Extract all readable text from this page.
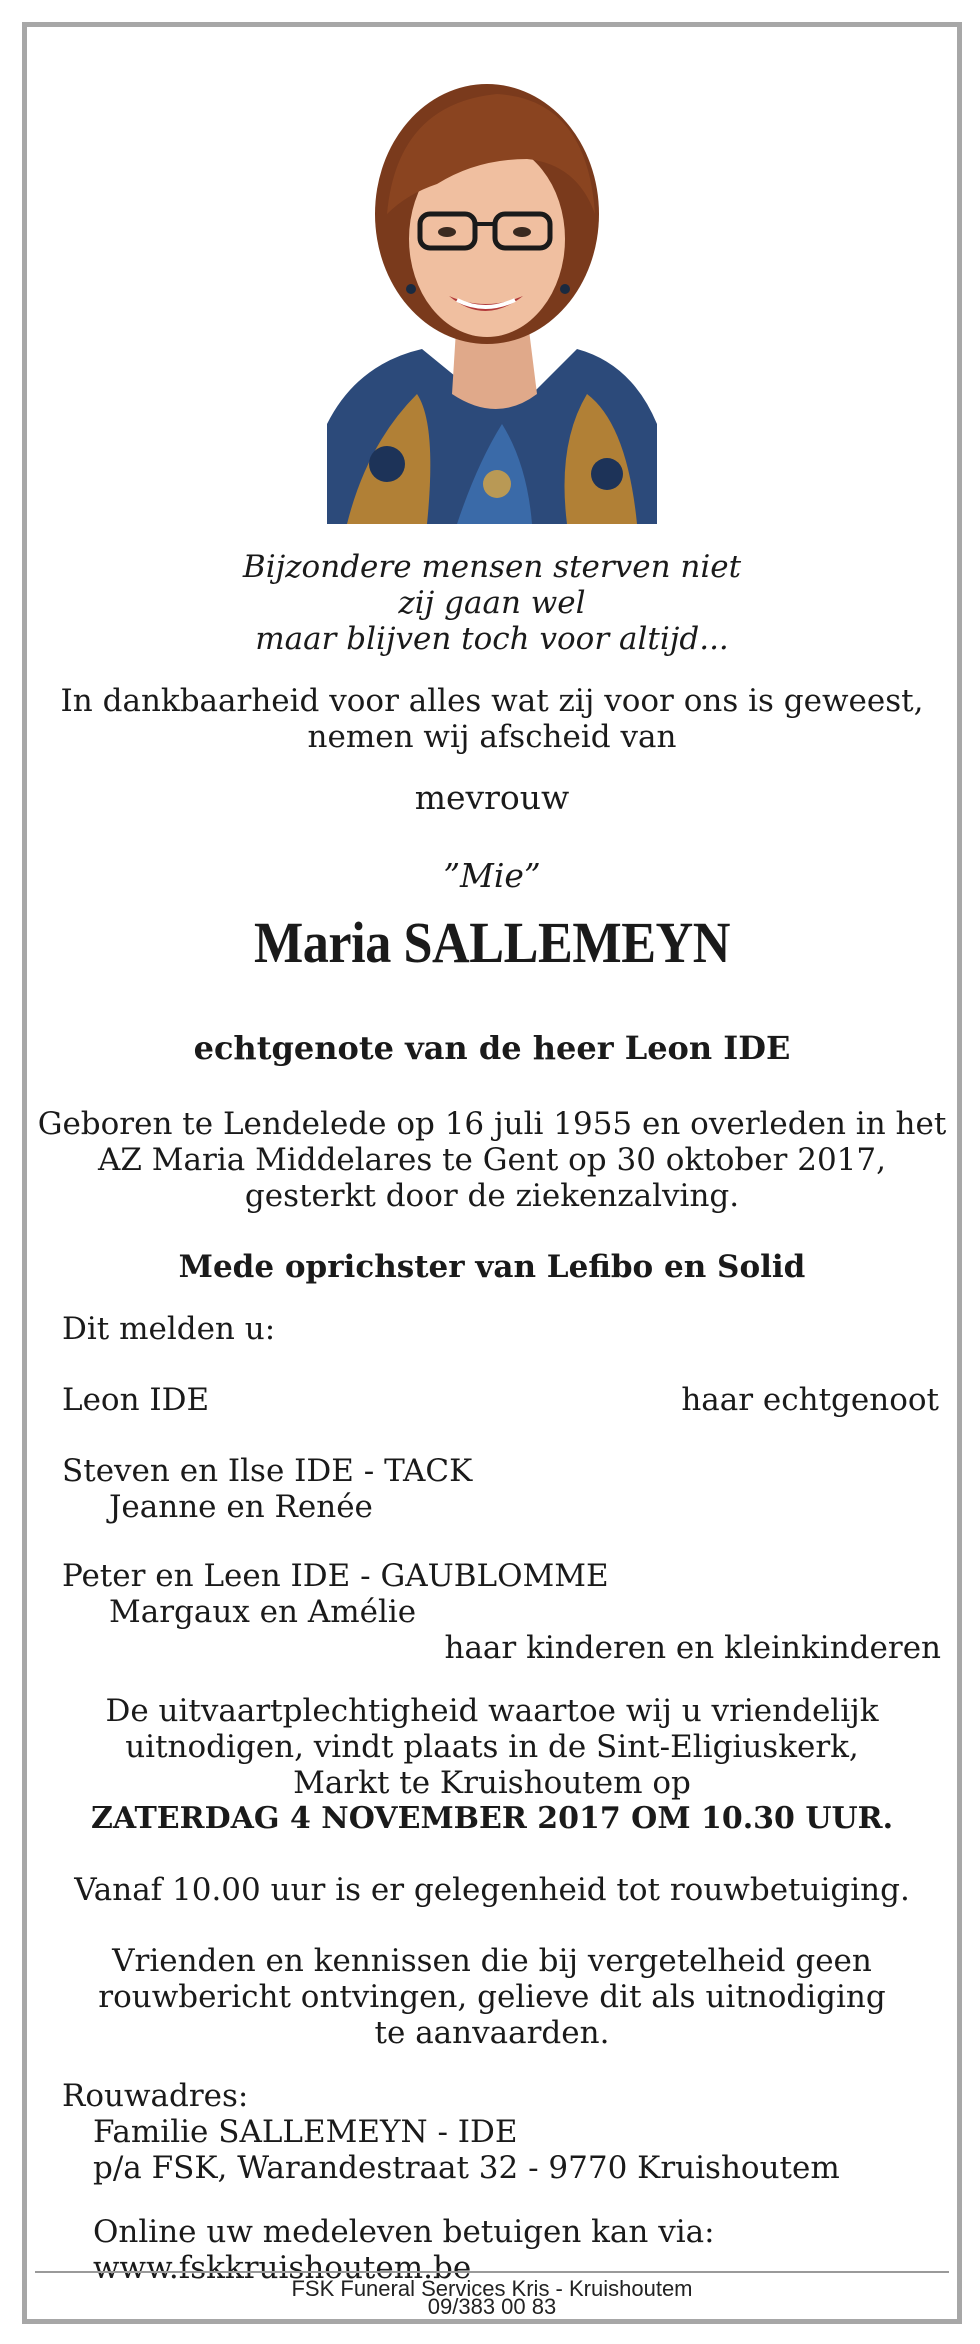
Bijzondere mensen sterven niet
zij gaan wel
maar blijven toch voor altijd...
In dankbaarheid voor alles wat zij voor ons is geweest,
nemen wij afscheid van
mevrouw
”Mie”
Maria SALLEMEYN
echtgenote van de heer Leon IDE
Geboren te Lendelede op 16 juli 1955 en overleden in het
AZ Maria Middelares te Gent op 30 oktober 2017,
gesterkt door de ziekenzalving.
Mede oprichster van Lefibo en Solid
Dit melden u:
Leon IDE	haar echtgenoot
Steven en Ilse IDE - TACK
Jeanne en Renée
Peter en Leen IDE - GAUBLOMME
Margaux en Amélie
haar kinderen en kleinkinderen
De uitvaartplechtigheid waartoe wij u vriendelijk
uitnodigen, vindt plaats in de Sint-Eligiuskerk,
Markt te Kruishoutem op
ZATERDAG 4 NOVEMBER 2017 OM 10.30 UUR.
Vanaf 10.00 uur is er gelegenheid tot rouwbetuiging.
Vrienden en kennissen die bij vergetelheid geen
rouwbericht ontvingen, gelieve dit als uitnodiging
te aanvaarden.
Rouwadres:
Familie SALLEMEYN - IDE
p/a FSK, Warandestraat 32 - 9770 Kruishoutem
Online uw medeleven betuigen kan via:
www.fskkruishoutem.be
FSK Funeral Services Kris - Kruishoutem
09/383 00 83
